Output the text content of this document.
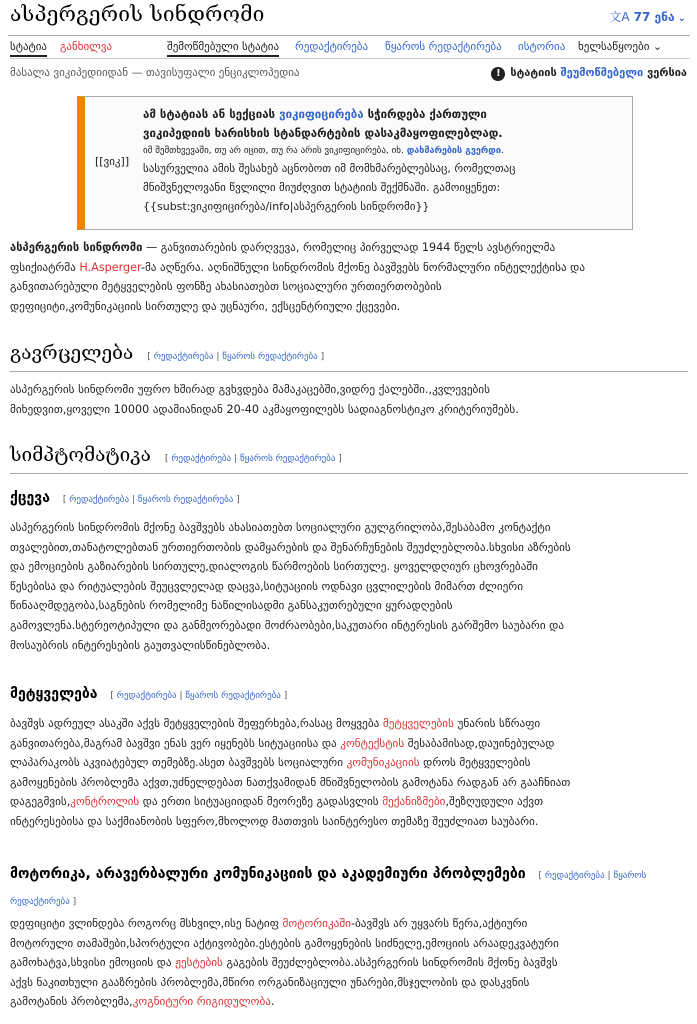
ასპერგერის სინდრომი	文A 77 ენა ⌄
სტატია განხილვა	შემოწმებული სტატია რედაქტირება წყაროს რედაქტირება ისტორია ხელსაწყოები ⌄
მასალა ვიკიპედიიდან — თავისუფალი ენციკლოპედია	! სტატიის შეუმოწმებელი ვერსია
[[ვიკ]]
ამ სტატიას ან სექციას ვიკიფიცირება სჭირდება ქართული
ვიკიპედიის ხარისხის სტანდარტების დასაკმაყოფილებლად.
იმ შემთხვევაში, თუ არ იცით, თუ რა არის ვიკიფიცირება, იხ. დახმარების გვერდი.
სასურველია ამის შესახებ აცნობოთ იმ მომხმარებლებსაც, რომელთაც
მნიშვნელოვანი წვლილი მიუძღვით სტატიის შექმნაში. გამოიყენეთ:
{{subst:ვიკიფიცირება/info|ასპერგერის სინდრომი}}
ასპერგერის სინდრომი — განვითარების დარღვევა, რომელიც პირველად 1944 წელს ავსტრიელმა
ფსიქიატრმა H.Asperger-მა აღწერა. აღნიშნული სინდრომის მქონე ბავშვებს ნორმალური ინტელექტისა და
განვითარებული მეტყველების ფონზე ახასიათებთ სოციალური ურთიერთობების
დეფიციტი,კომუნიკაციის სირთულე და უცნაური, ექსცენტრიული ქცევები.
გავრცელება [ რედაქტირება | წყაროს რედაქტირება ]
ასპერგერის სინდრომი უფრო ხშირად გვხვდება მამაკაცებში,ვიდრე ქალებში.,კვლევების
მიხედვით,ყოველი 10000 ადამიანიდან 20-40 აკმაყოფილებს სადიაგნოსტიკო კრიტერიუმებს.
სიმპტომატიკა [ რედაქტირება | წყაროს რედაქტირება ]
ქცევა [ რედაქტირება | წყაროს რედაქტირება ]
ასპერგერის სინდრომის მქონე ბავშვებს ახასიათებთ სოციალური გულგრილობა,შესაბამო კონტაქტი
თვალებით,თანატოლებთან ურთიერთობის დამყარების და შენარჩუნების შეუძლებლობა.სხვისი აზრების
და ემოციების გაზიარების სირთულე,დიალოგის წარმოების სირთულე. ყოველდღიურ ცხოვრებაში
წესებისა და რიტუალების შეუცვლელად დაცვა,სიტუაციის ოდნავი ცვლილების მიმართ ძლიერი
წინააღმდეგობა,საგნების რომელიმე ნაწილისადმი განსაკუთრებული ყურადღების
გამოვლენა.სტერეოტიპული და განმეორებადი მოძრაობები,საკუთარი ინტერესის გარშემო საუბარი და
მოსაუბრის ინტერესების გაუთვალისწინებლობა.
მეტყველება [ რედაქტირება | წყაროს რედაქტირება ]
ბავშვს ადრეულ ასაკში აქვს მეტყველების შეფერხება,რასაც მოყვება მეტყველების უნარის სწრაფი
განვითარება,მაგრამ ბავშვი ენას ვერ იყენებს სიტუაციისა და კონტექსტის შესაბამისად,დაუინებულად
ლაპარაკობს აკვიატებულ თემებზე.ასეთ ბავშვებს სოციალური კომუნიკაციის დროს მეტყველების
გამოყენების პრობლემა აქვთ,უძნელდებათ ნათქვამიდან მნიშვნელობის გამოტანა რადგან არ გააჩნიათ
დაგეგმვის,კონტროლის და ერთი სიტუაციიდან მეორეზე გადასვლის მექანიზმები,შეზღუდული აქვთ
ინტერესებისა და საქმიანობის სფერო,მხოლოდ მათთვის საინტერესო თემაზე შეუძლიათ საუბარი.
მოტორიკა, არავერბალური კომუნიკაციის და აკადემიური პრობლემები [ რედაქტირება | წყაროს რედაქტირება ]
დეფიციტი ვლინდება როგორც მსხვილ,ისე ნატიფ მოტორიკაში-ბავშვს არ უყვარს წერა,აქტიური
მოტორული თამაშები,სპორტული აქტივობები.ესტების გამოყენების სიძნელე,ემოციის არაადეკვატური
გამოხატვა,სხვისი ემოციის და ჟესტების გაგების შეუძლებლობა.ასპერგერის სინდრომის მქონე ბავშვს
აქვს ნაკითხული გააზრების პრობლემა,მწირი ორგანიზაციული უნარები,მსჯელობის და დასკვნის
გამოტანის პრობლემა,კოგნიტური რიგიდულობა.
